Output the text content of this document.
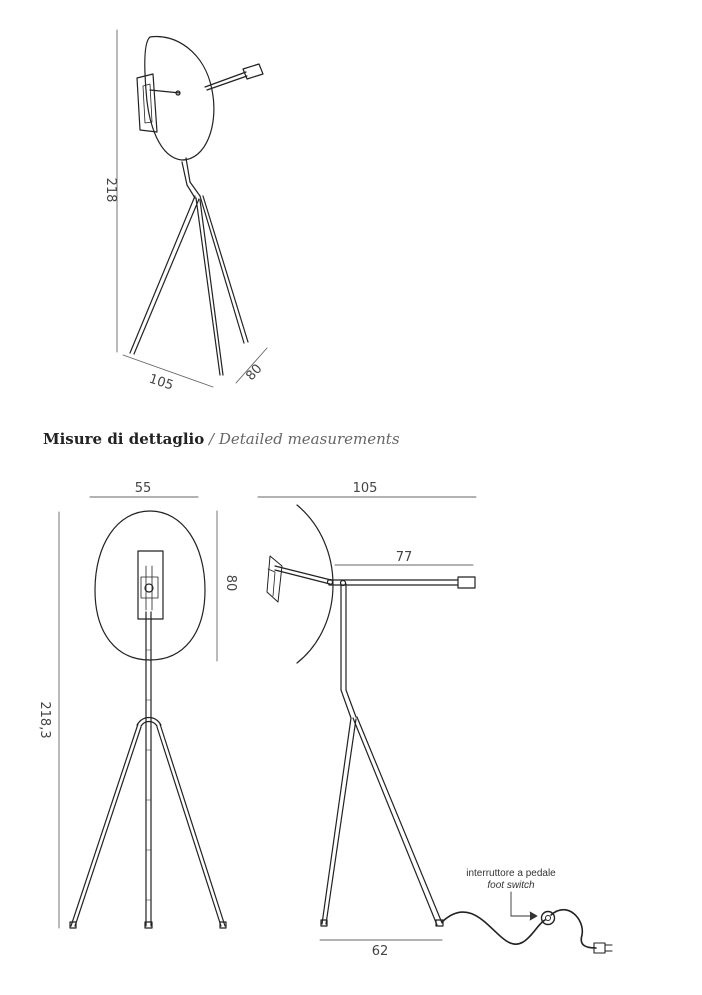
218
105	80
55
80
218,3
105
77
62
Misure di dettaglio / Detailed measurements
interruttore a pedale
foot switch
